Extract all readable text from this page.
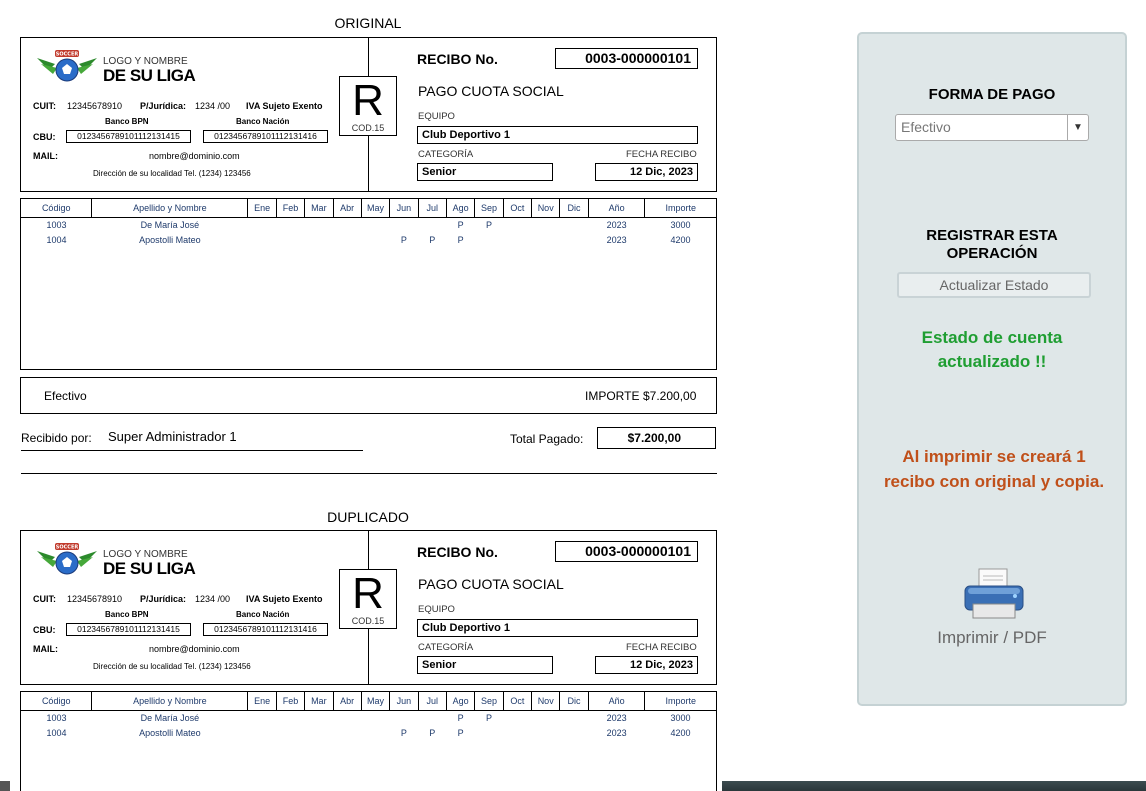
ORIGINAL
SOCCER
LOGO Y NOMBRE
DE SU LIGA
CUIT: 12345678910 P/Jurídica: 1234 /00 IVA Sujeto Exento
Banco BPN	Banco Nación
CBU:	0123456789101112131415	0123456789101112131416
MAIL:	nombre@dominio.com
Dirección de su localidad Tel. (1234) 123456
R
COD.15
RECIBO No.	0003-000000101
PAGO CUOTA SOCIAL
EQUIPO
Club Deportivo 1
CATEGORÍA	FECHA RECIBO
Senior	12 Dic, 2023
Código	Apellido y Nombre	Ene	Feb	Mar	Abr	May	Jun	Jul	Ago	Sep	Oct	Nov	Dic	Año	Importe
1003	De María José								P	P				2023	3000
1004	Apostolli Mateo						P	P	P					2023	4200
Efectivo	IMPORTE $7.200,00
Recibido por: Super Administrador 1	Total Pagado:	$7.200,00
DUPLICADO
SOCCER
LOGO Y NOMBRE
DE SU LIGA
CUIT: 12345678910 P/Jurídica: 1234 /00 IVA Sujeto Exento
Banco BPN	Banco Nación
CBU:	0123456789101112131415	0123456789101112131416
MAIL:	nombre@dominio.com
Dirección de su localidad Tel. (1234) 123456
R
COD.15
RECIBO No.	0003-000000101
PAGO CUOTA SOCIAL
EQUIPO
Club Deportivo 1
CATEGORÍA	FECHA RECIBO
Senior	12 Dic, 2023
Código	Apellido y Nombre	Ene	Feb	Mar	Abr	May	Jun	Jul	Ago	Sep	Oct	Nov	Dic	Año	Importe
1003	De María José								P	P				2023	3000
1004	Apostolli Mateo						P	P	P					2023	4200
FORMA DE PAGO
Efectivo	▼
REGISTRAR ESTA
OPERACIÓN
Actualizar Estado
Estado de cuenta
actualizado !!
Al imprimir se creará 1 recibo con original y copia.
Imprimir / PDF
